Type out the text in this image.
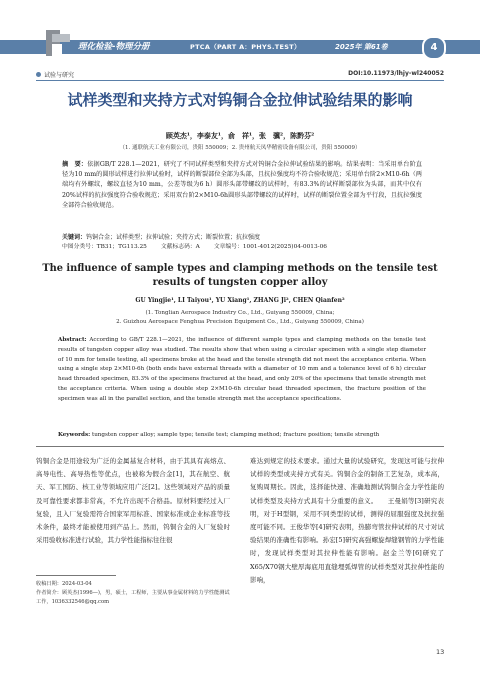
理化检验-物理分册	PTCA（PART A：PHYS.TEST）	2025年 第61卷	4
试验与研究	DOI:10.11973/lhjy-wl240052
试样类型和夹持方式对钨铜合金拉伸试验结果的影响
顾英杰¹，李泰友¹，俞　祥¹，张　骥²，陈黔芬²
（1. 通联航天工业有限公司，贵阳 550009；2. 贵州航天凤华精密设备有限公司，贵阳 550009）
摘　要：依据GB/T 228.1—2021，研究了不同试样类型和夹持方式对钨铜合金拉伸试验结果的影响。结果表明：当采用单台阶直径为10 mm的圆形试样进行拉伸试验时，试样的断裂部位全部为头部，且抗拉强度均不符合验收规范；采用单台阶2×M10-6h（两端均有外螺纹，螺纹直径为10 mm，公差等级为6 h）圆形头部带螺纹的试样时，有83.3%的试样断裂部位为头部，而其中仅有20%试样的抗拉强度符合验收规范；采用双台阶2×M10-6h圆形头部带螺纹的试样时，试样的断裂位置全部为平行段，且抗拉强度全部符合验收规范。
关键词：钨铜合金；试样类型；拉伸试验；夹持方式；断裂位置；抗拉强度
中图分类号：TB31；TG113.25 文献标志码：A 文章编号：1001-4012(2025)04-0013-06
The influence of sample types and clamping methods on the tensile test results of tungsten copper alloy
GU Yingjie¹, LI Taiyou¹, YU Xiang¹, ZHANG Ji², CHEN Qianfen²
(1. Tonglian Aerospace Industry Co., Ltd., Guiyang 550009, China;
2. Guizhou Aerospace Fenghua Precision Equipment Co., Ltd., Guiyang 550009, China)
Abstract: According to GB/T 228.1—2021, the influence of different sample types and clamping methods on the tensile test results of tungsten copper alloy was studied. The results show that when using a circular specimen with a single step diameter of 10 mm for tensile testing, all specimens broke at the head and the tensile strength did not meet the acceptance criteria. When using a single step 2×M10-6h (both ends have external threads with a diameter of 10 mm and a tolerance level of 6 h) circular head threaded specimen, 83.3% of the specimens fractured at the head, and only 20% of the specimens that tensile strength met the acceptance criteria. When using a double step 2×M10-6h circular head threaded specimen, the fracture position of the specimen was all in the parallel section, and the tensile strength met the acceptance specifications.
Keywords: tungsten copper alloy; sample type; tensile test; clamping method; fracture position; tensile strength
钨铜合金是用途较为广泛的金属基复合材料，由于其具有高熔点、高导电性、高导热性等优点，也被称为假合金[1]，其在航空、航天、军工国防、核工业等领域应用广泛[2]。这些领域对产品的质量及可靠性要求都非常高，不允许出现不合格品。原材料要经过入厂复验，且入厂复验需符合国家军用标准、国家标准或企业标准等技术条件，最终才能被使用到产品上。然而，钨铜合金的入厂复验时采用验收标准进行试验，其力学性能指标往往很
难达到规定的技术要求。通过大量的试验研究，发现这可能与拉伸试样的类型或夹持方式有关。钨铜合金的制备工艺复杂，成本高，复购周期长。因此，选择能快速、准确地测试钨铜合金力学性能的试样类型及夹持方式具有十分重要的意义。　　王曼娟等[3]研究表明，对于H型钢，采用不同类型的试样，测得的屈服强度及抗拉强度可能不同。王俊华等[4]研究表明，热膨弯管拉伸试样的尺寸对试验结果的准确性有影响。孙宏[5]研究高强螺旋焊缝钢管的力学性能时，发现试样类型对其拉伸性能有影响。赵金兰等[6]研究了X65/X70钢大壁厚海底用直缝埋弧焊管的试样类型对其拉伸性能的影响，
收稿日期：2024-03-04
作者简介：顾英杰(1996—)，男，硕士，工程师，主要从事金属材料的力学性能测试工作，1036332546@qq.com
13
